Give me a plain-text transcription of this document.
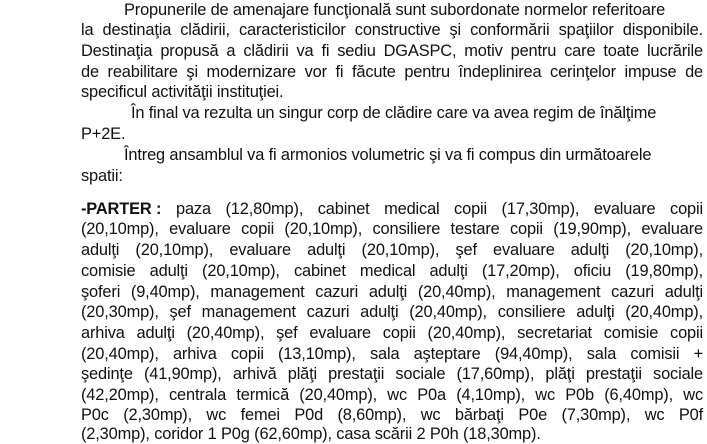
Propunerile de amenajare funcţională sunt subordonate normelor referitoare
la destinaţia clădirii, caracteristicilor constructive şi conformării spaţiilor disponibile.
Destinaţia propusă a clădirii va fi sediu DGASPC, motiv pentru care toate lucrările
de reabilitare şi modernizare vor fi făcute pentru îndeplinirea cerinţelor impuse de
specificul activităţii instituţiei.
În final va rezulta un singur corp de clădire care va avea regim de înălţime
P+2E.
Întreg ansamblul va fi armonios volumetric şi va fi compus din următoarele
spatii:
-PARTER : paza (12,80mp), cabinet medical copii (17,30mp), evaluare copii
(20,10mp), evaluare copii (20,10mp), consiliere testare copii (19,90mp), evaluare
adulţi (20,10mp), evaluare adulţi (20,10mp), şef evaluare adulţi (20,10mp),
comisie adulţi (20,10mp), cabinet medical adulţi (17,20mp), oficiu (19,80mp),
şoferi (9,40mp), management cazuri adulţi (20,40mp), management cazuri adulţi
(20,30mp), şef management cazuri adulţi (20,40mp), consiliere adulţi (20,40mp),
arhiva adulţi (20,40mp), şef evaluare copii (20,40mp), secretariat comisie copii
(20,40mp), arhiva copii (13,10mp), sala aşteptare (94,40mp), sala comisii +
şedinţe (41,90mp), arhivă plăţi prestaţii sociale (17,60mp), plăţi prestaţii sociale
(42,20mp), centrala termică (20,40mp), wc P0a (4,10mp), wc P0b (6,40mp), wc
P0c (2,30mp), wc femei P0d (8,60mp), wc bărbaţi P0e (7,30mp), wc P0f
(2,30mp), coridor 1 P0g (62,60mp), casa scării 2 P0h (18,30mp).
